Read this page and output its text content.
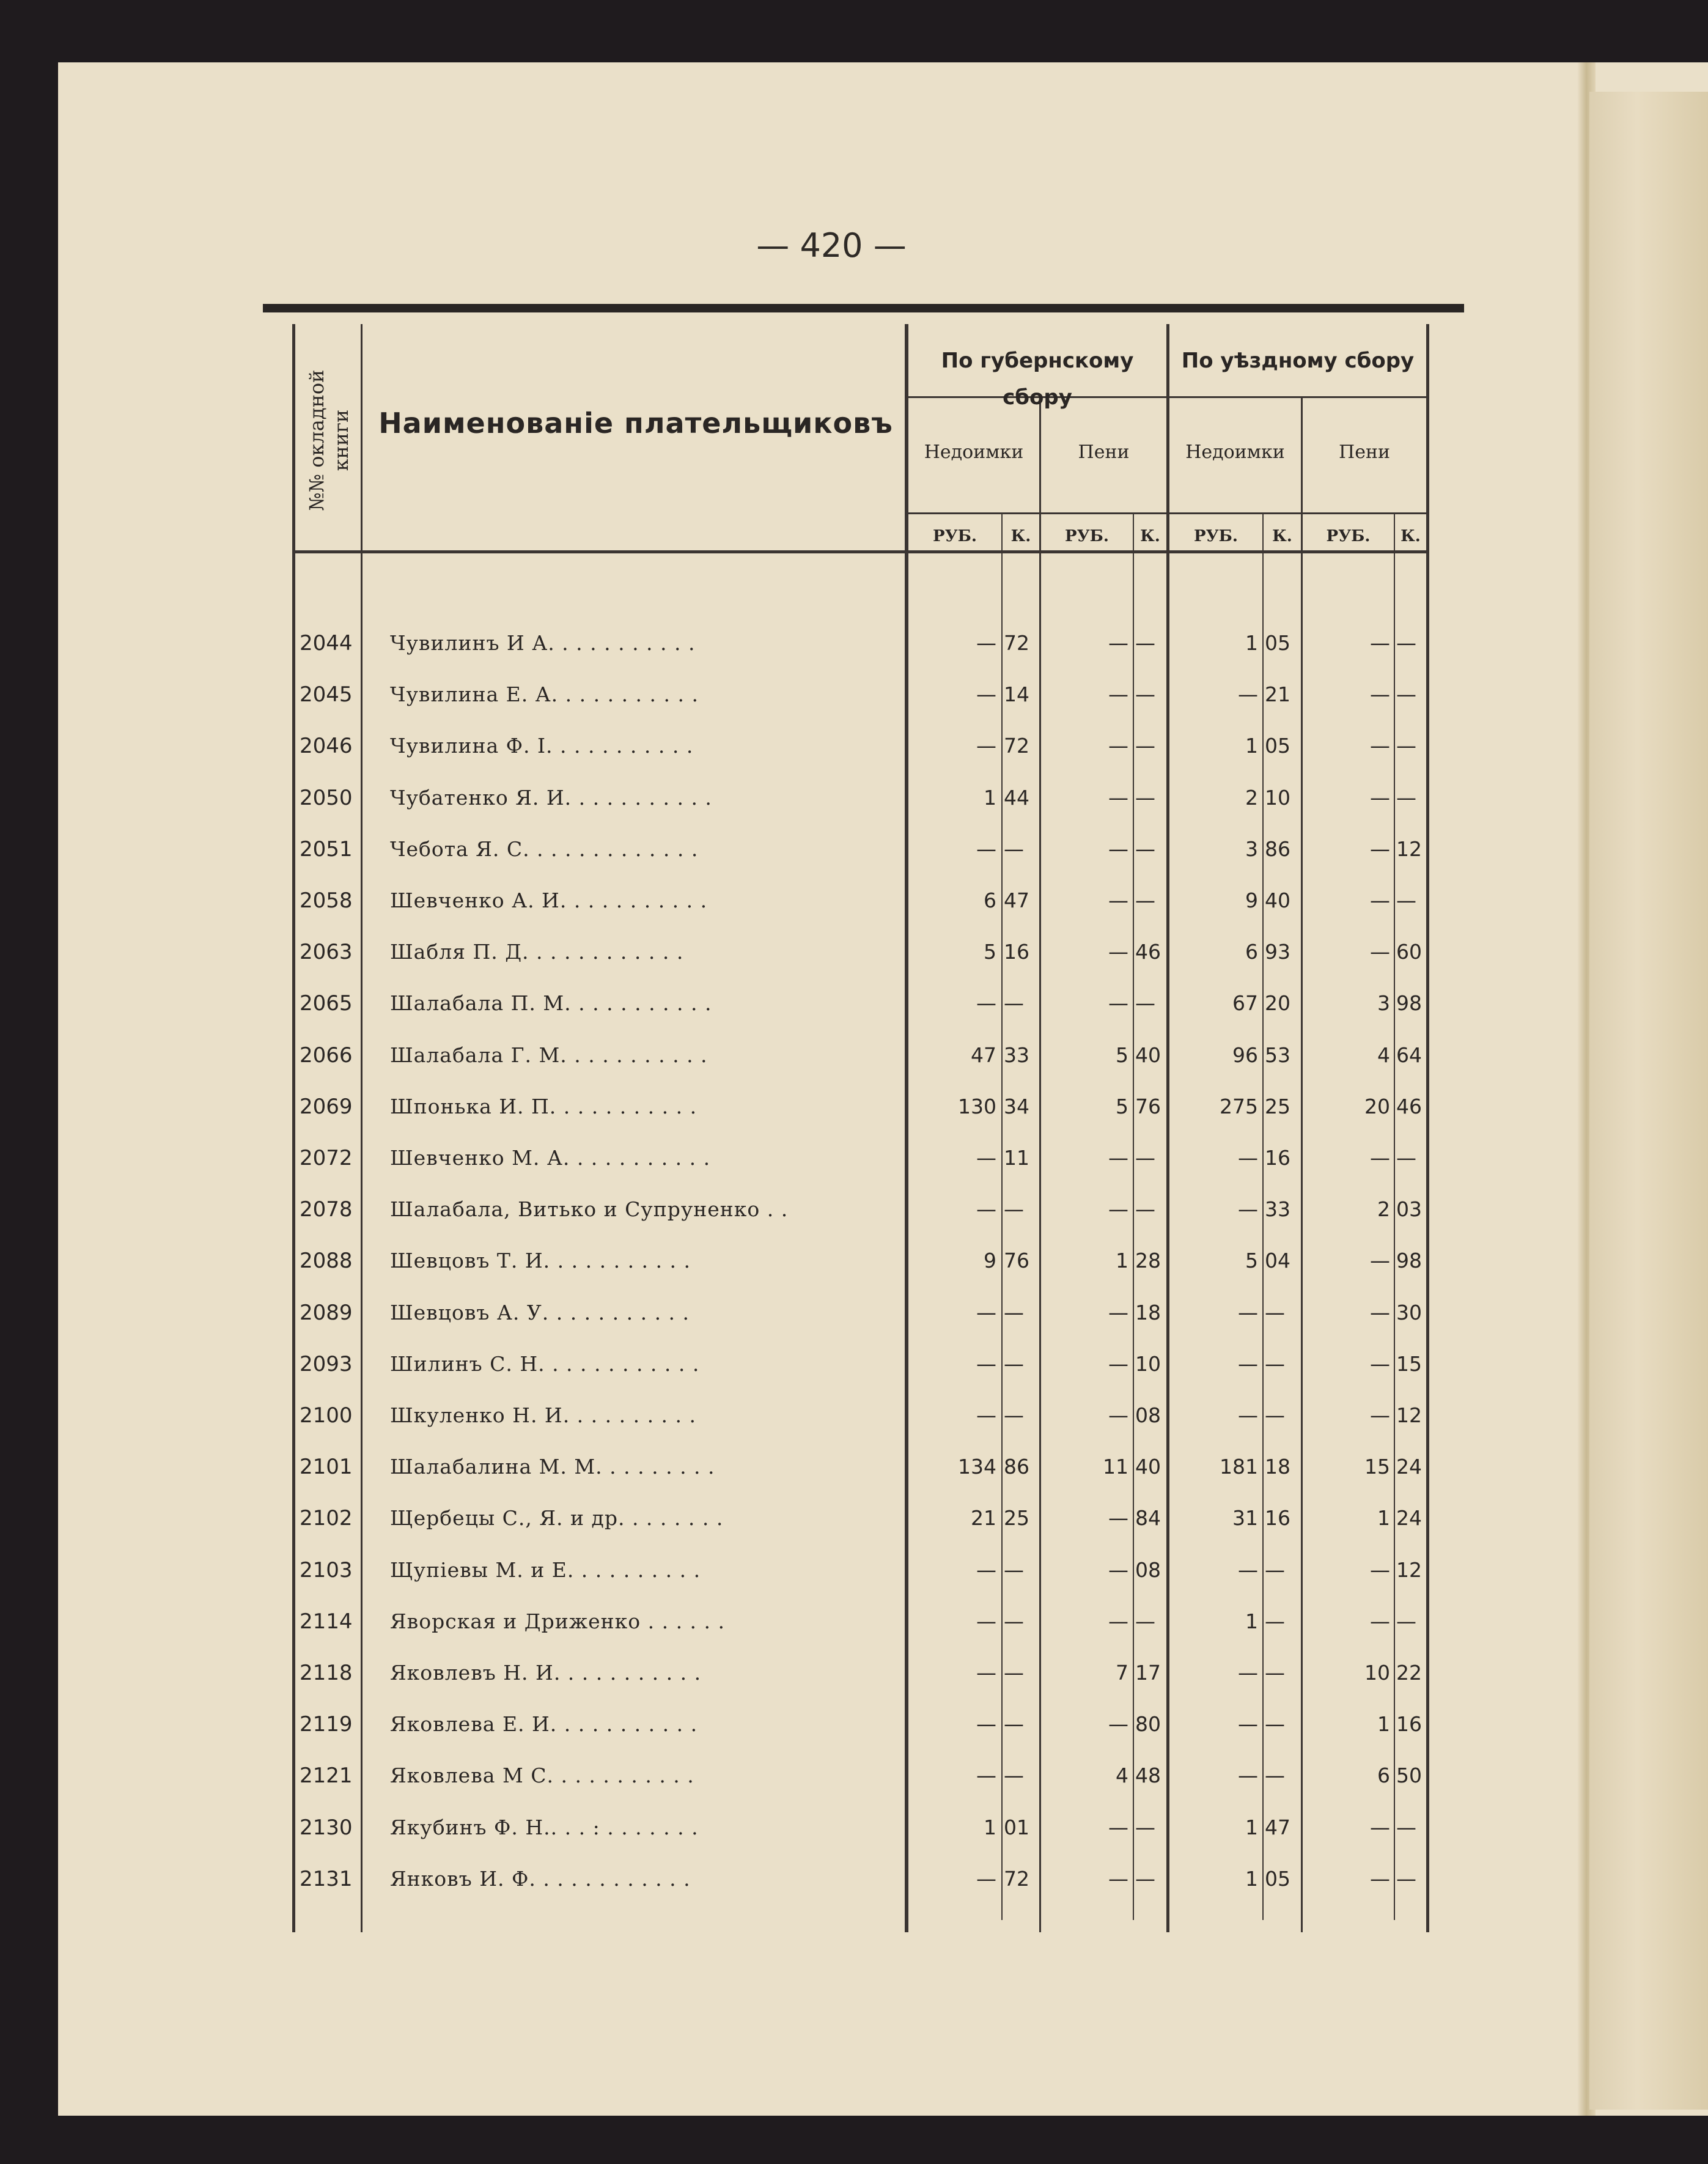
— 420 —
№№ окладной книги Наименованіе плательщиковъ
По губернскому сбору
По уѣздному сбору
Недоимки	Пени	Недоимки	Пени
РУБ.	К.	РУБ.	К.	РУБ.	К.	РУБ.	К.
2044	Чувилинъ И А. . . . . . . . . . .	— 72	— —	1 05	— —
2045	Чувилина Е. А. . . . . . . . . . .	— 14	— —	— 21	— —
2046	Чувилина Ф. І. . . . . . . . . . .	— 72	— —	1 05	— —
2050	Чубатенко Я. И. . . . . . . . . . .	1 44	— —	2 10	— —
2051	Чебота Я. С. . . . . . . . . . . . .	— —	— —	3 86	— 12
2058	Шевченко А. И. . . . . . . . . . .	6 47	— —	9 40	— —
2063	Шабля П. Д. . . . . . . . . . . .	5 16	— 46	6 93	— 60
2065	Шалабала П. М. . . . . . . . . . .	— —	— —	67 20	3 98
2066	Шалабала Г. М. . . . . . . . . . .	47 33	5 40	96 53	4 64
2069	Шпонька И. П. . . . . . . . . . .	130 34	5 76	275 25	20 46
2072	Шевченко М. А. . . . . . . . . . .	— 11	— —	— 16	— —
2078	Шалабала, Витько и Супруненко . .	— —	— —	— 33	2 03
2088	Шевцовъ Т. И. . . . . . . . . . .	9 76	1 28	5 04	— 98
2089	Шевцовъ А. У. . . . . . . . . . .	— —	— 18	— —	— 30
2093	Шилинъ С. Н. . . . . . . . . . . .	— —	— 10	— —	— 15
2100	Шкуленко Н. И. . . . . . . . . .	— —	— 08	— —	— 12
2101	Шалабалина М. М. . . . . . . . .	134 86	11 40	181 18	15 24
2102	Щербецы С., Я. и др. . . . . . . .	21 25	— 84	31 16	1 24
2103	Щупіевы М. и Е. . . . . . . . . .	— —	— 08	— —	— 12
2114	Яворская и Дриженко . . . . . .	— —	— —	1 —	— —
2118	Яковлевъ Н. И. . . . . . . . . . .	— —	7 17	— —	10 22
2119	Яковлева Е. И. . . . . . . . . . .	— —	— 80	— —	1 16
2121	Яковлева М С. . . . . . . . . . .	— —	4 48	— —	6 50
2130	Якубинъ Ф. Н.. . . : . . . . . . .	1 01	— —	1 47	— —
2131	Янковъ И. Ф. . . . . . . . . . . .	— 72	— —	1 05	— —
